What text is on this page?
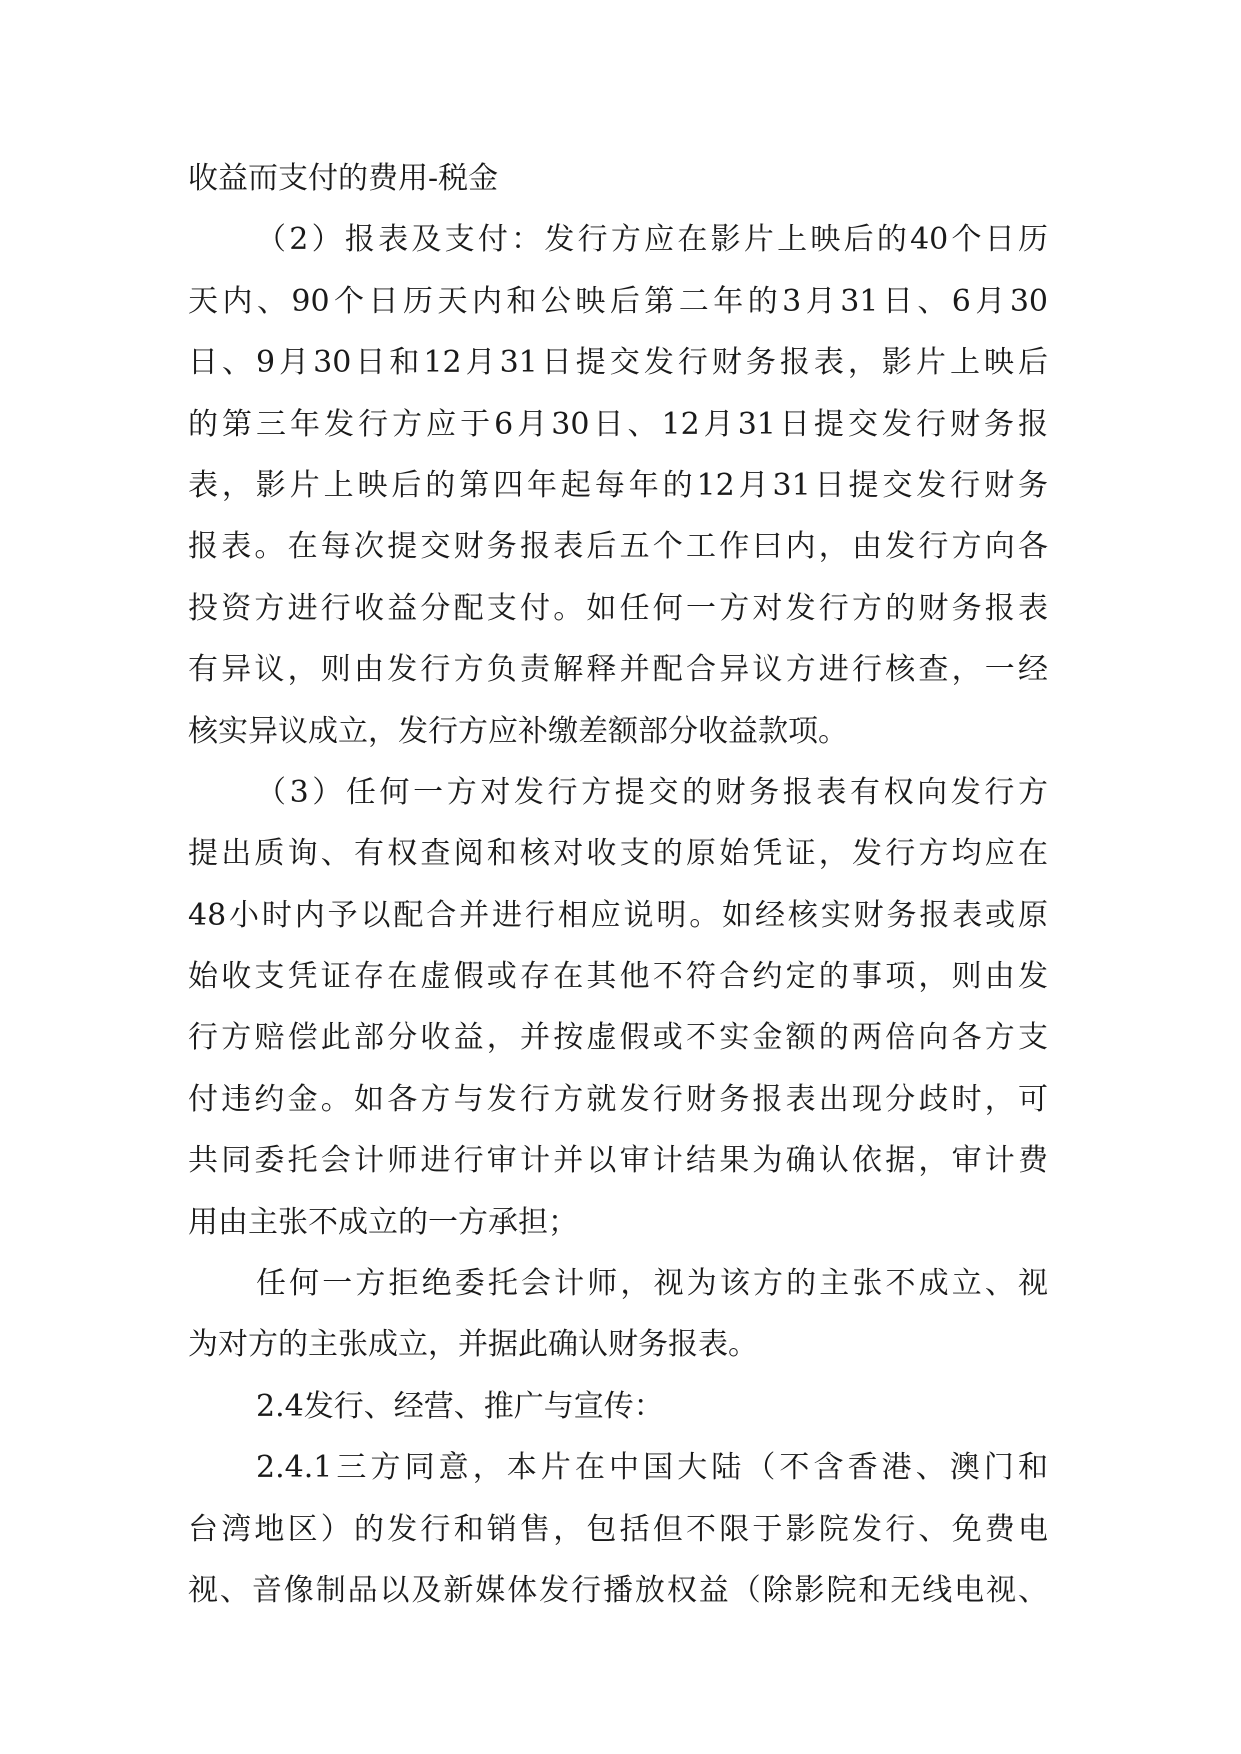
收益而支付的费用-税金
（2）报表及支付：发行方应在影片上映后的40个日历
天内、90个日历天内和公映后第二年的3月31日、6月30
日、9月30日和12月31日提交发行财务报表，影片上映后
的第三年发行方应于6月30日、12月31日提交发行财务报
表，影片上映后的第四年起每年的12月31日提交发行财务
报表。在每次提交财务报表后五个工作曰内，由发行方向各
投资方进行收益分配支付。如任何一方对发行方的财务报表
有异议，则由发行方负责解释并配合异议方进行核查，一经
核实异议成立，发行方应补缴差额部分收益款项。
（3）任何一方对发行方提交的财务报表有权向发行方
提出质询、有权查阅和核对收支的原始凭证，发行方均应在
48小时内予以配合并进行相应说明。如经核实财务报表或原
始收支凭证存在虚假或存在其他不符合约定的事项，则由发
行方赔偿此部分收益，并按虚假或不实金额的两倍向各方支
付违约金。如各方与发行方就发行财务报表出现分歧时，可
共同委托会计师进行审计并以审计结果为确认依据，审计费
用由主张不成立的一方承担；
任何一方拒绝委托会计师，视为该方的主张不成立、视
为对方的主张成立，并据此确认财务报表。
2.4发行、经营、推广与宣传：
2.4.1三方同意，本片在中国大陆（不含香港、澳门和
台湾地区）的发行和销售，包括但不限于影院发行、免费电
视、音像制品以及新媒体发行播放权益（除影院和无线电视、
